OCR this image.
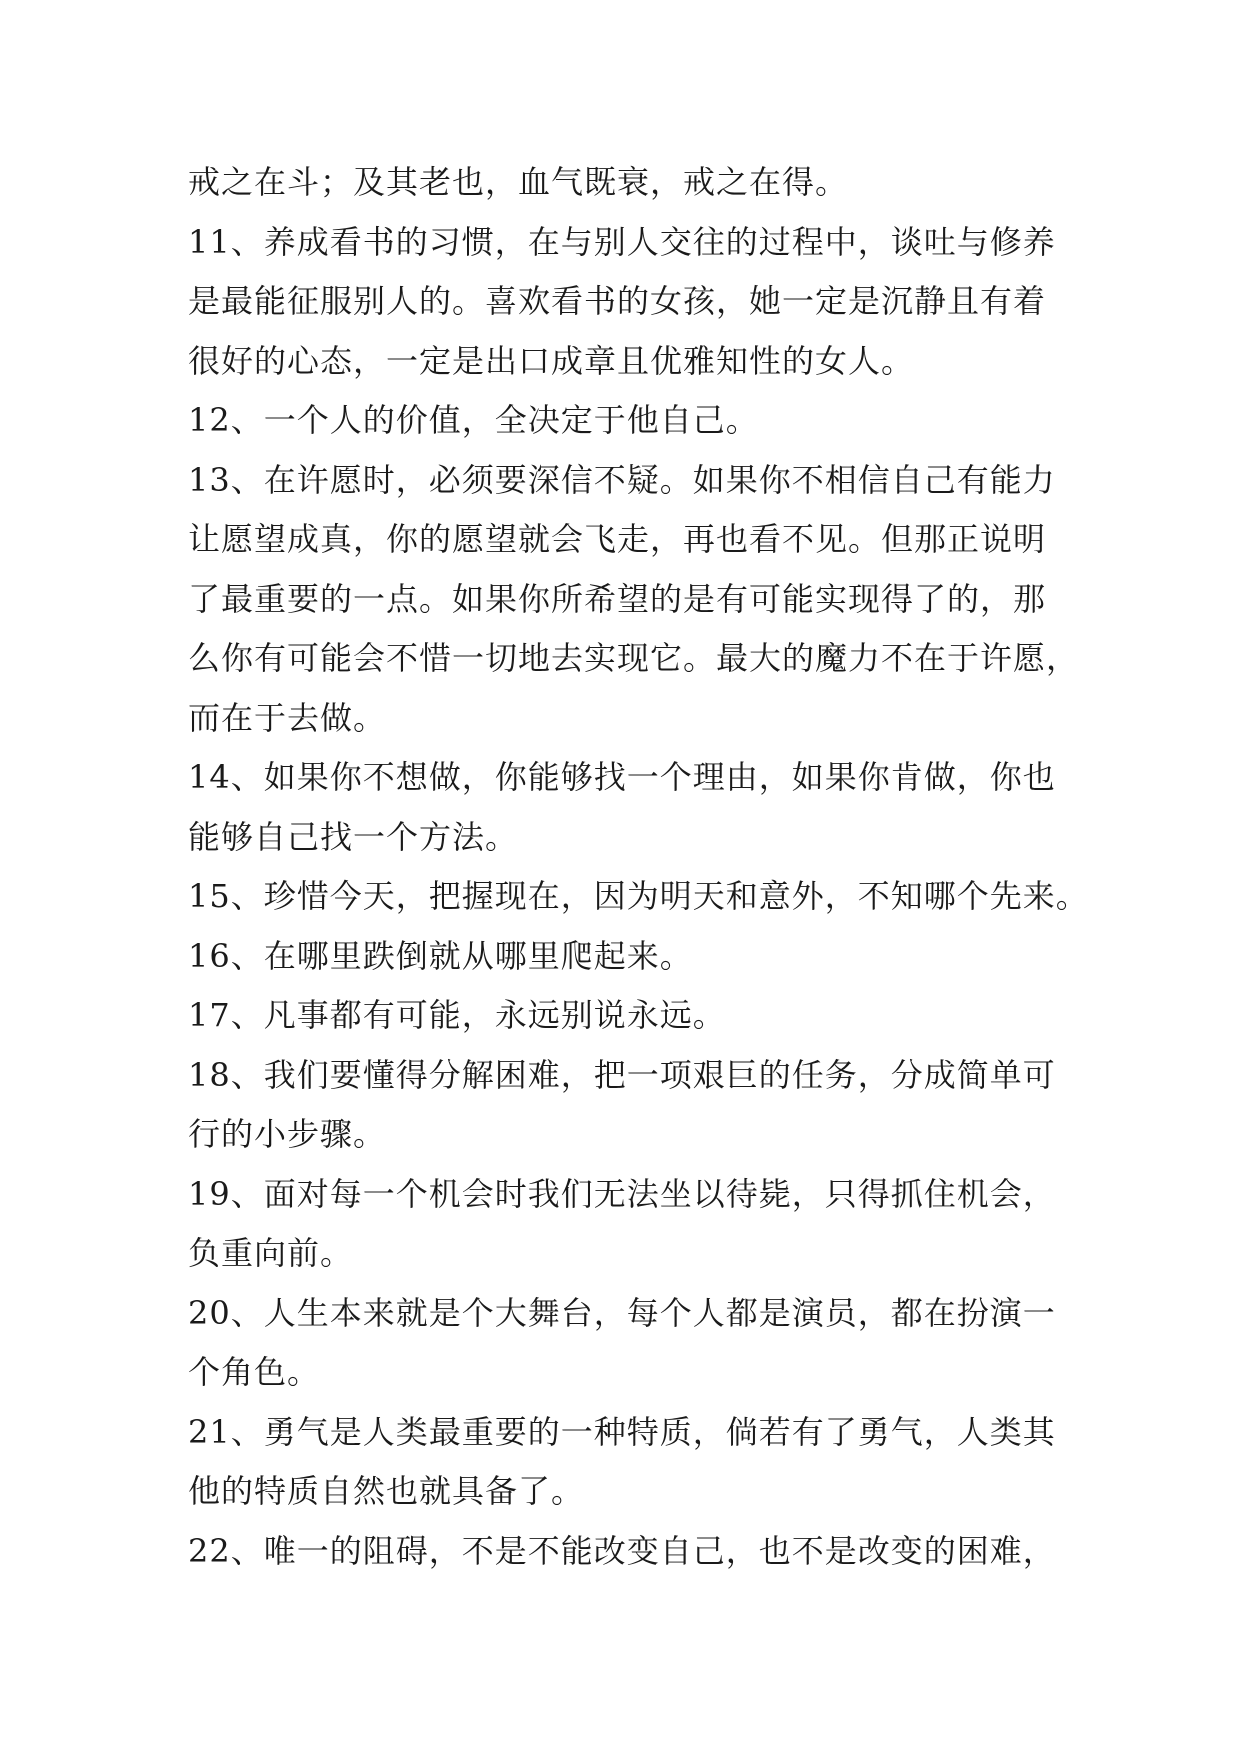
戒之在斗；及其老也，血气既衰，戒之在得。
11、养成看书的习惯，在与别人交往的过程中，谈吐与修养
是最能征服别人的。喜欢看书的女孩，她一定是沉静且有着
很好的心态，一定是出口成章且优雅知性的女人。
12、一个人的价值，全决定于他自己。
13、在许愿时，必须要深信不疑。如果你不相信自己有能力
让愿望成真，你的愿望就会飞走，再也看不见。但那正说明
了最重要的一点。如果你所希望的是有可能实现得了的，那
么你有可能会不惜一切地去实现它。最大的魔力不在于许愿，
而在于去做。
14、如果你不想做，你能够找一个理由，如果你肯做，你也
能够自己找一个方法。
15、珍惜今天，把握现在，因为明天和意外，不知哪个先来。
16、在哪里跌倒就从哪里爬起来。
17、凡事都有可能，永远别说永远。
18、我们要懂得分解困难，把一项艰巨的任务，分成简单可
行的小步骤。
19、面对每一个机会时我们无法坐以待毙，只得抓住机会，
负重向前。
20、人生本来就是个大舞台，每个人都是演员，都在扮演一
个角色。
21、勇气是人类最重要的一种特质，倘若有了勇气，人类其
他的特质自然也就具备了。
22、唯一的阻碍，不是不能改变自己，也不是改变的困难，
